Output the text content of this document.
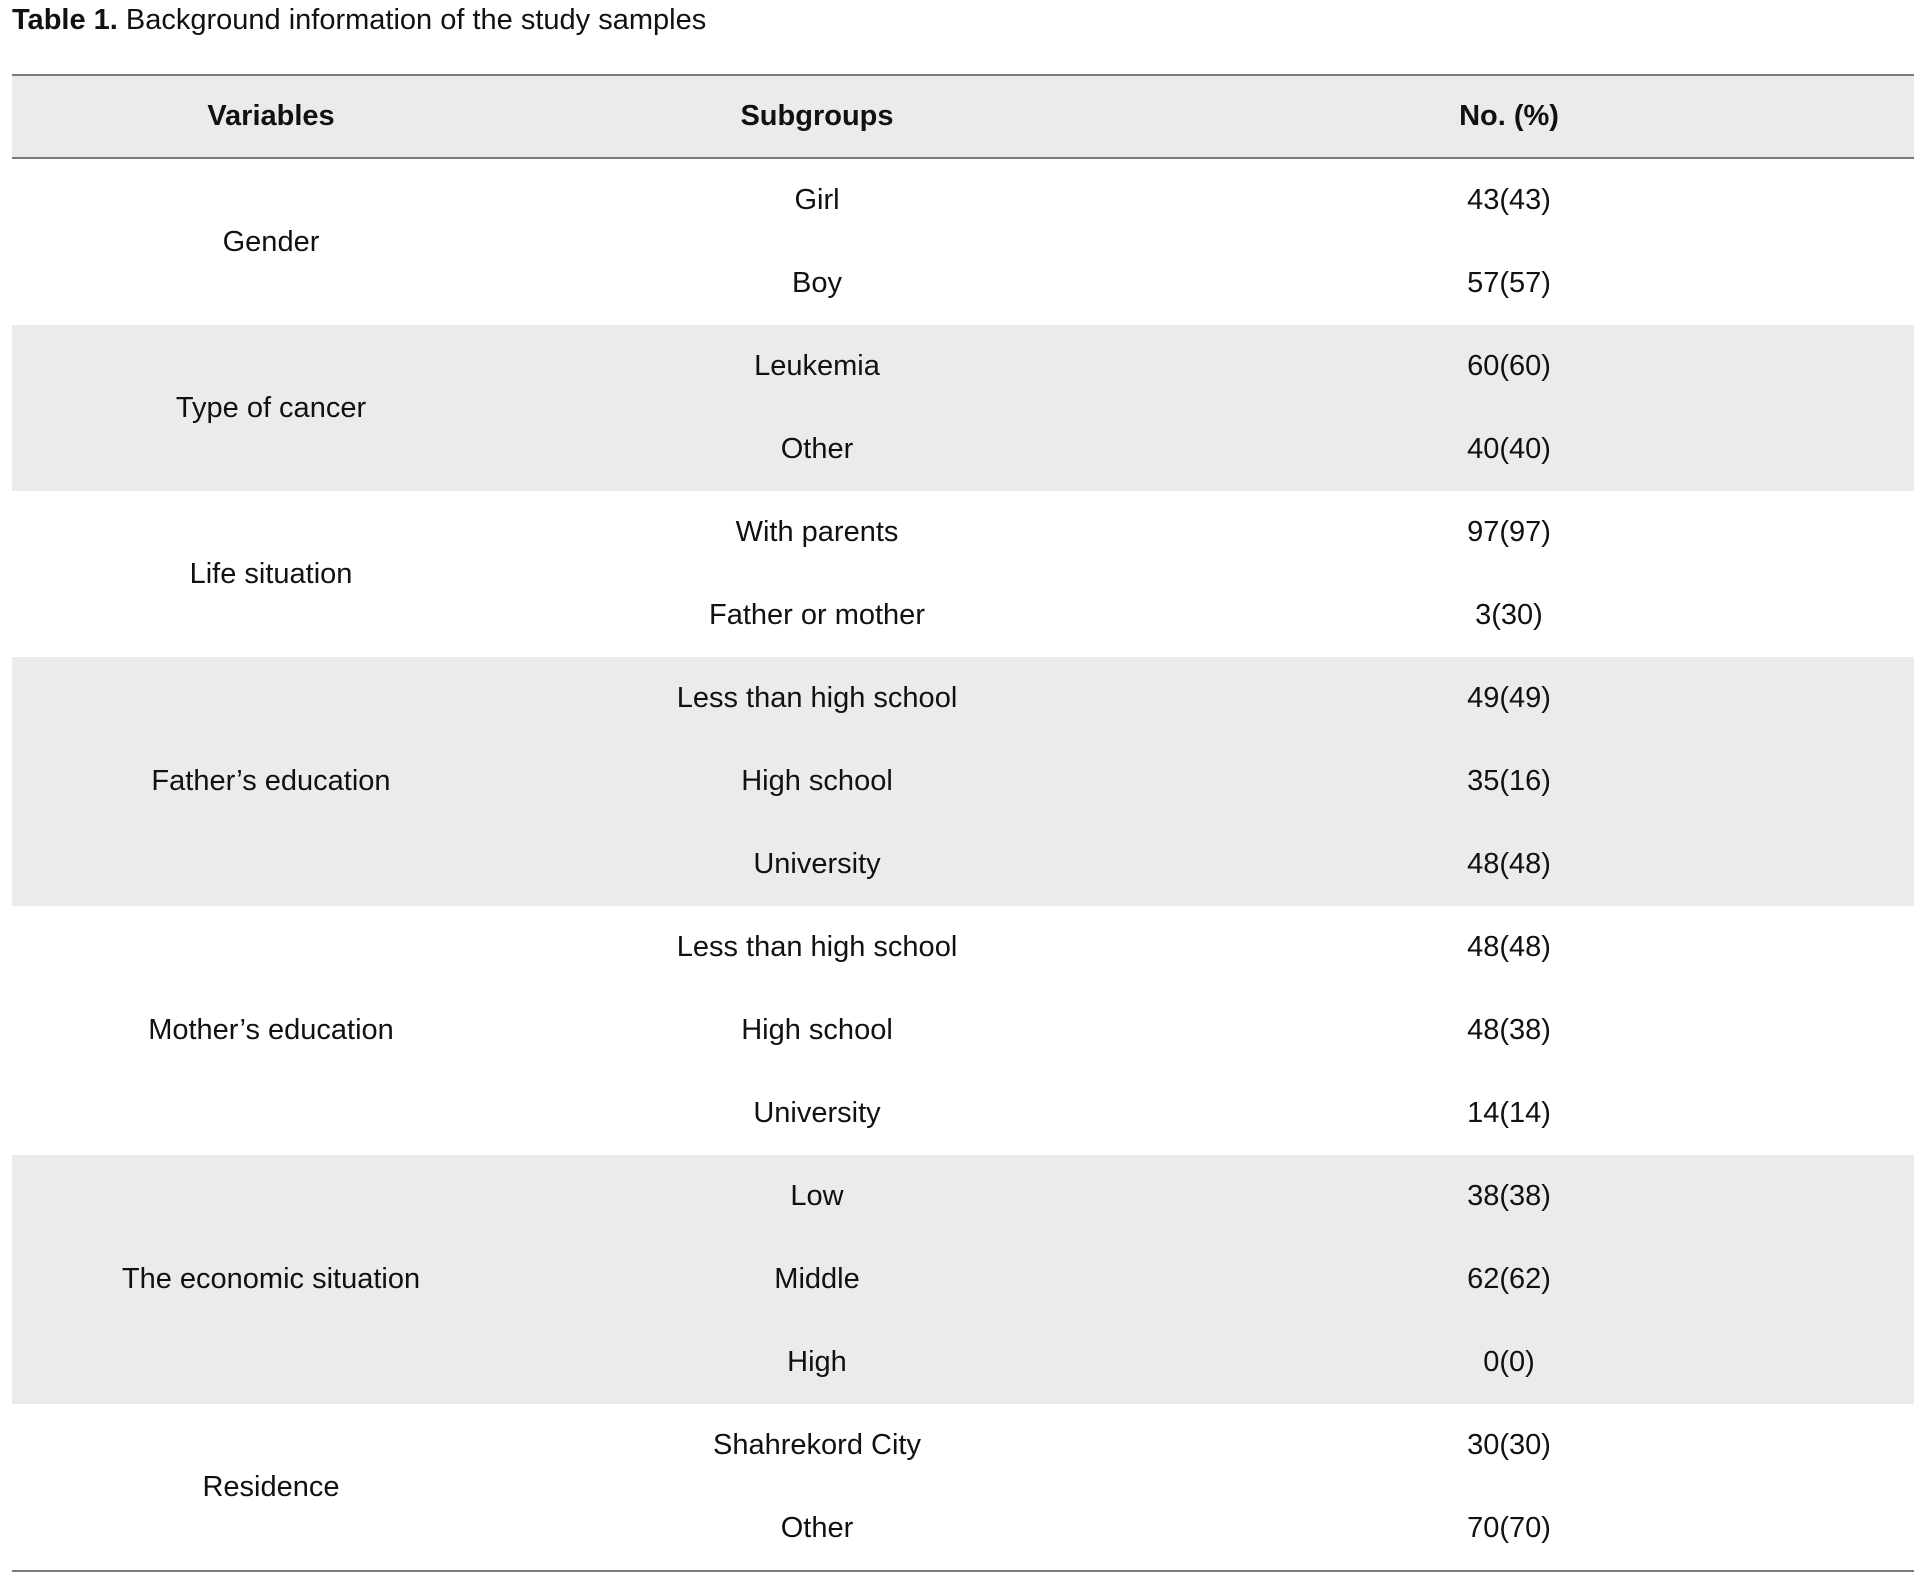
Table 1. Background information of the study samples
Variables	Subgroups	No. (%)
Gender	Girl	43(43)
	Boy	57(57)
Type of cancer	Leukemia	60(60)
	Other	40(40)
Life situation	With parents	97(97)
	Father or mother	3(30)
Father’s education	Less than high school	49(49)
	High school	35(16)
	University	48(48)
Mother’s education	Less than high school	48(48)
	High school	48(38)
	University	14(14)
The economic situation	Low	38(38)
	Middle	62(62)
	High	0(0)
Residence	Shahrekord City	30(30)
	Other	70(70)
